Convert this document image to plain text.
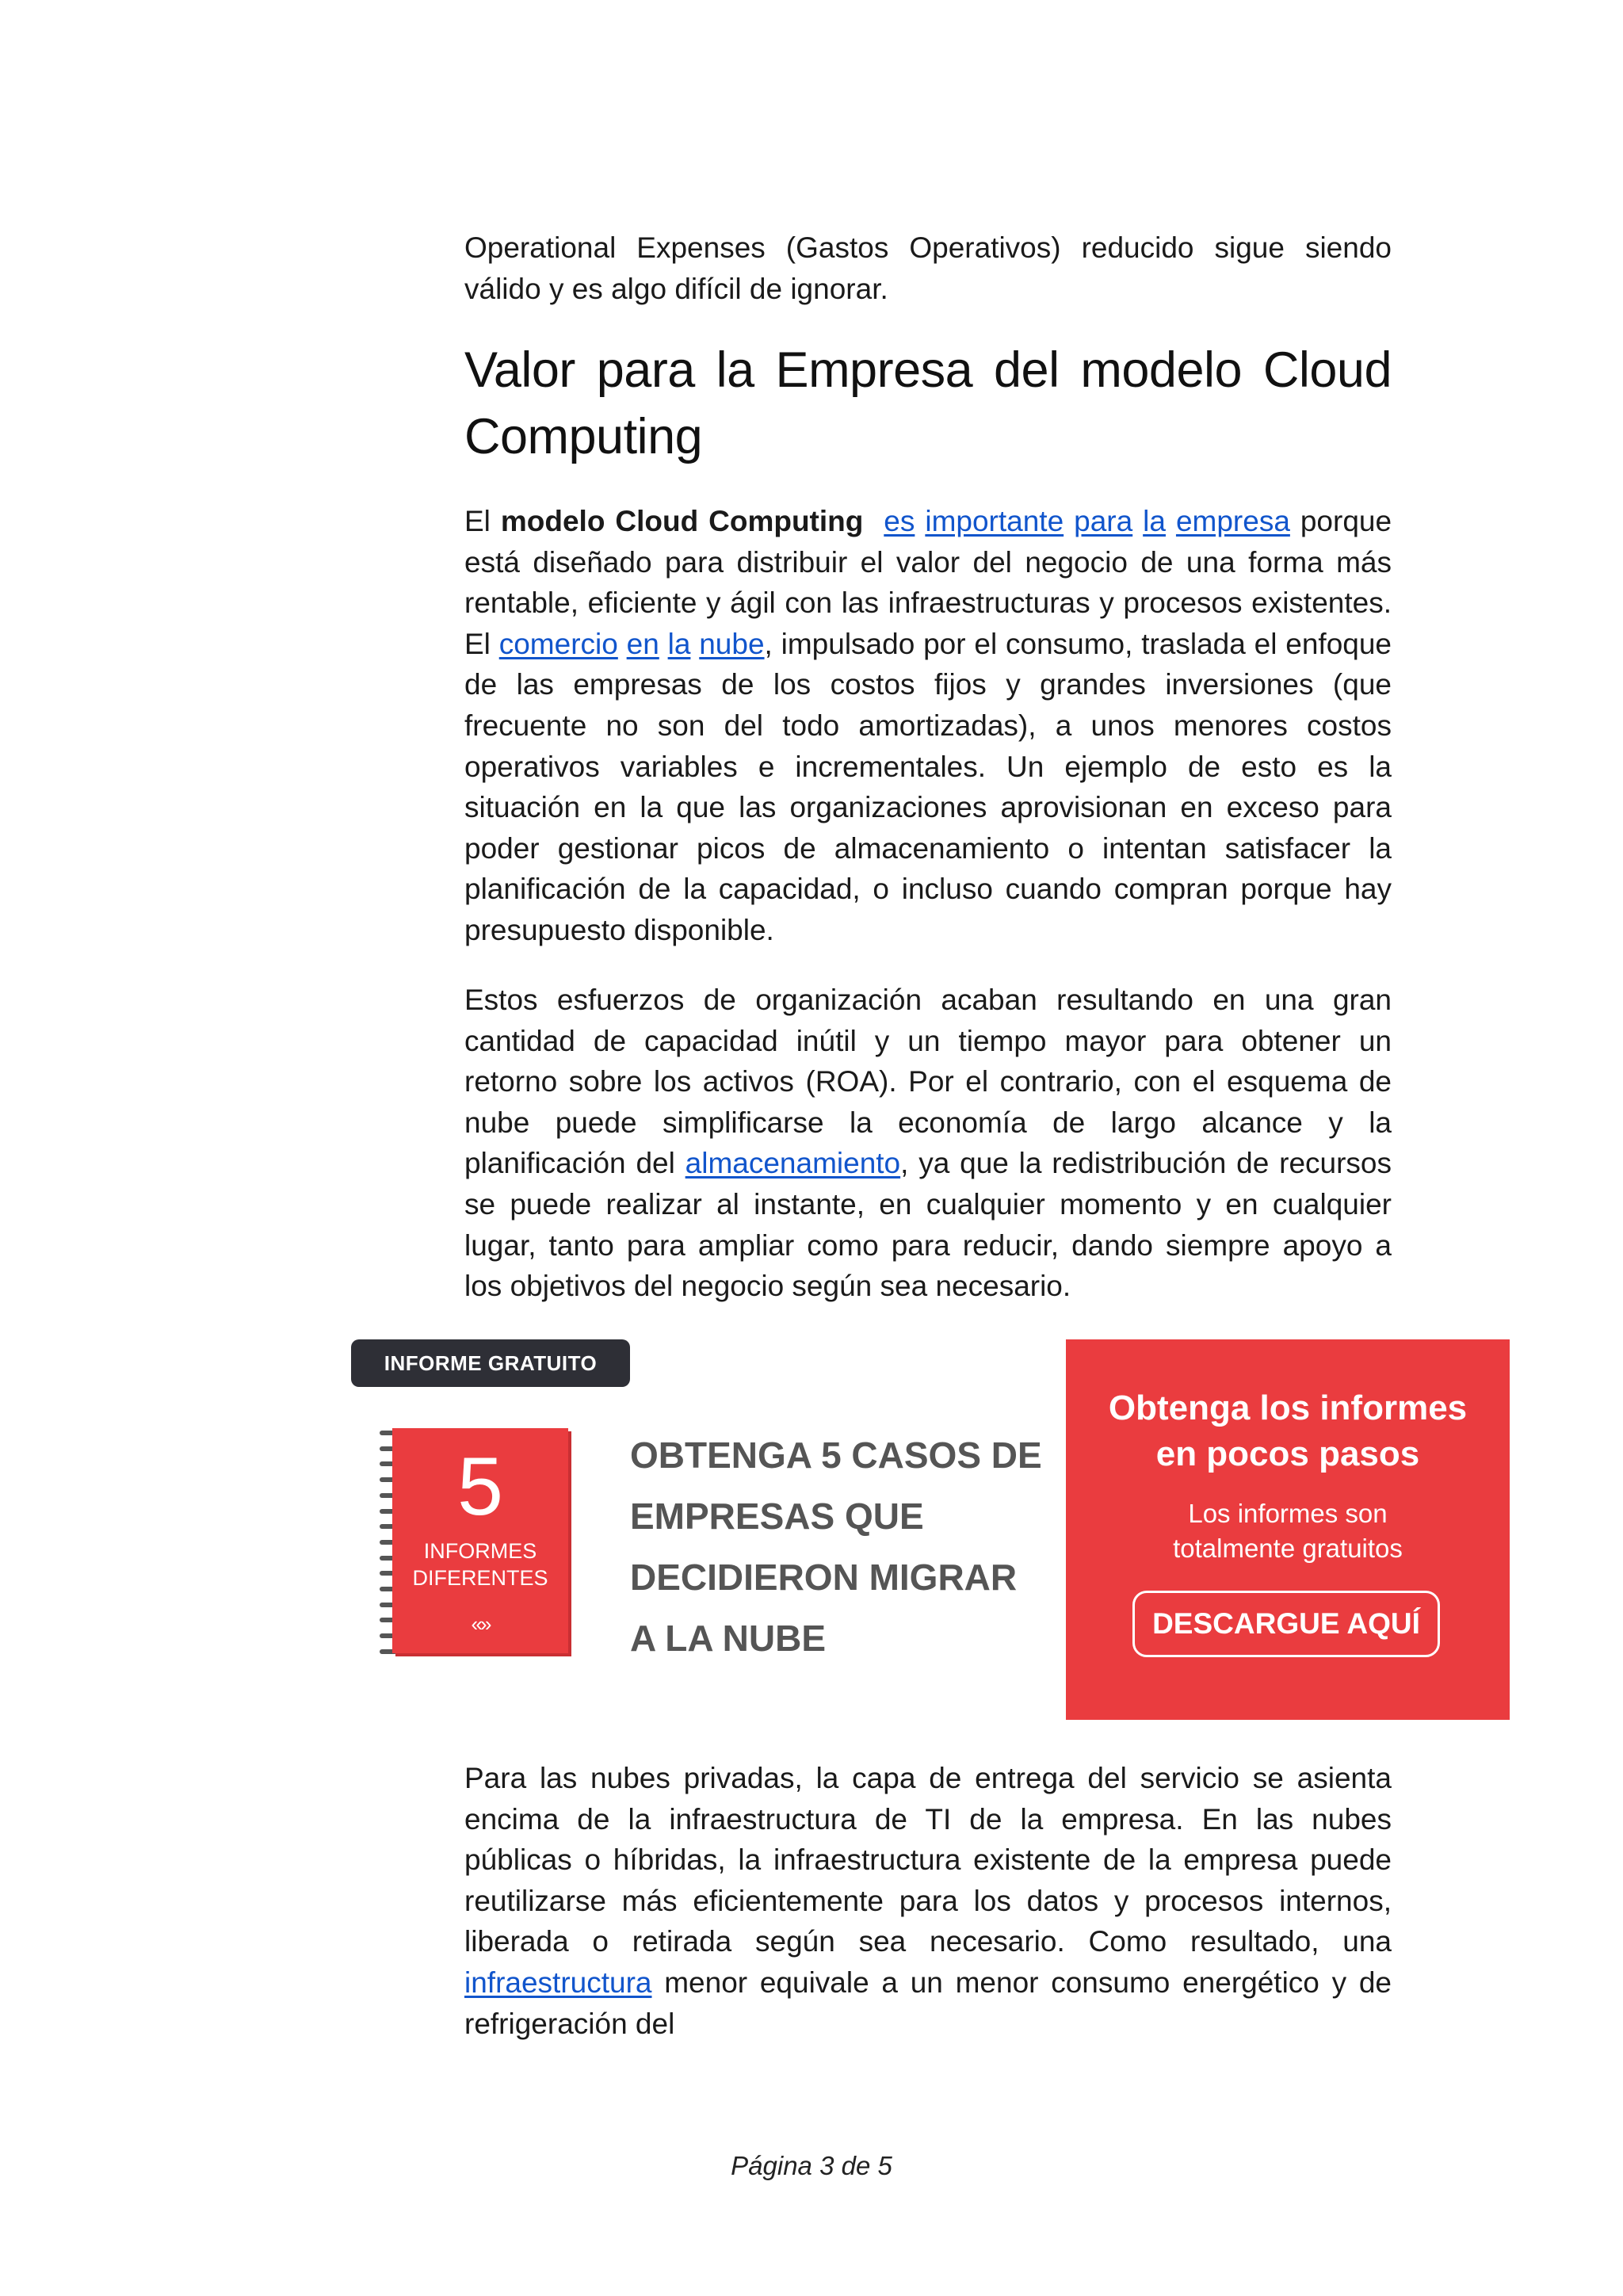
Operational Expenses (Gastos Operativos) reducido sigue siendo válido y es algo difícil de ignorar.

Valor para la Empresa del modelo Cloud Computing

El modelo Cloud Computing es importante para la empresa porque está diseñado para distribuir el valor del negocio de una forma más rentable, eficiente y ágil con las infraestructuras y procesos existentes. El comercio en la nube, impulsado por el consumo, traslada el enfoque de las empresas de los costos fijos y grandes inversiones (que frecuente no son del todo amortizadas), a unos menores costos operativos variables e incrementales. Un ejemplo de esto es la situación en la que las organizaciones aprovisionan en exceso para poder gestionar picos de almacenamiento o intentan satisfacer la planificación de la capacidad, o incluso cuando compran porque hay presupuesto disponible.

Estos esfuerzos de organización acaban resultando en una gran cantidad de capacidad inútil y un tiempo mayor para obtener un retorno sobre los activos (ROA). Por el contrario, con el esquema de nube puede simplificarse la economía de largo alcance y la planificación del almacenamiento, ya que la redistribución de recursos se puede realizar al instante, en cualquier momento y en cualquier lugar, tanto para ampliar como para reducir, dando siempre apoyo a los objetivos del negocio según sea necesario.

INFORME GRATUITO
5
INFORMES
DIFERENTES
«»
OBTENGA 5 CASOS DE
EMPRESAS QUE
DECIDIERON MIGRAR
A LA NUBE
Obtenga los informes
en pocos pasos
Los informes son
totalmente gratuitos
DESCARGUE AQUÍ

Para las nubes privadas, la capa de entrega del servicio se asienta encima de la infraestructura de TI de la empresa. En las nubes públicas o híbridas, la infraestructura existente de la empresa puede reutilizarse más eficientemente para los datos y procesos internos, liberada o retirada según sea necesario. Como resultado, una infraestructura menor equivale a un menor consumo energético y de refrigeración del

Página 3 de 5
